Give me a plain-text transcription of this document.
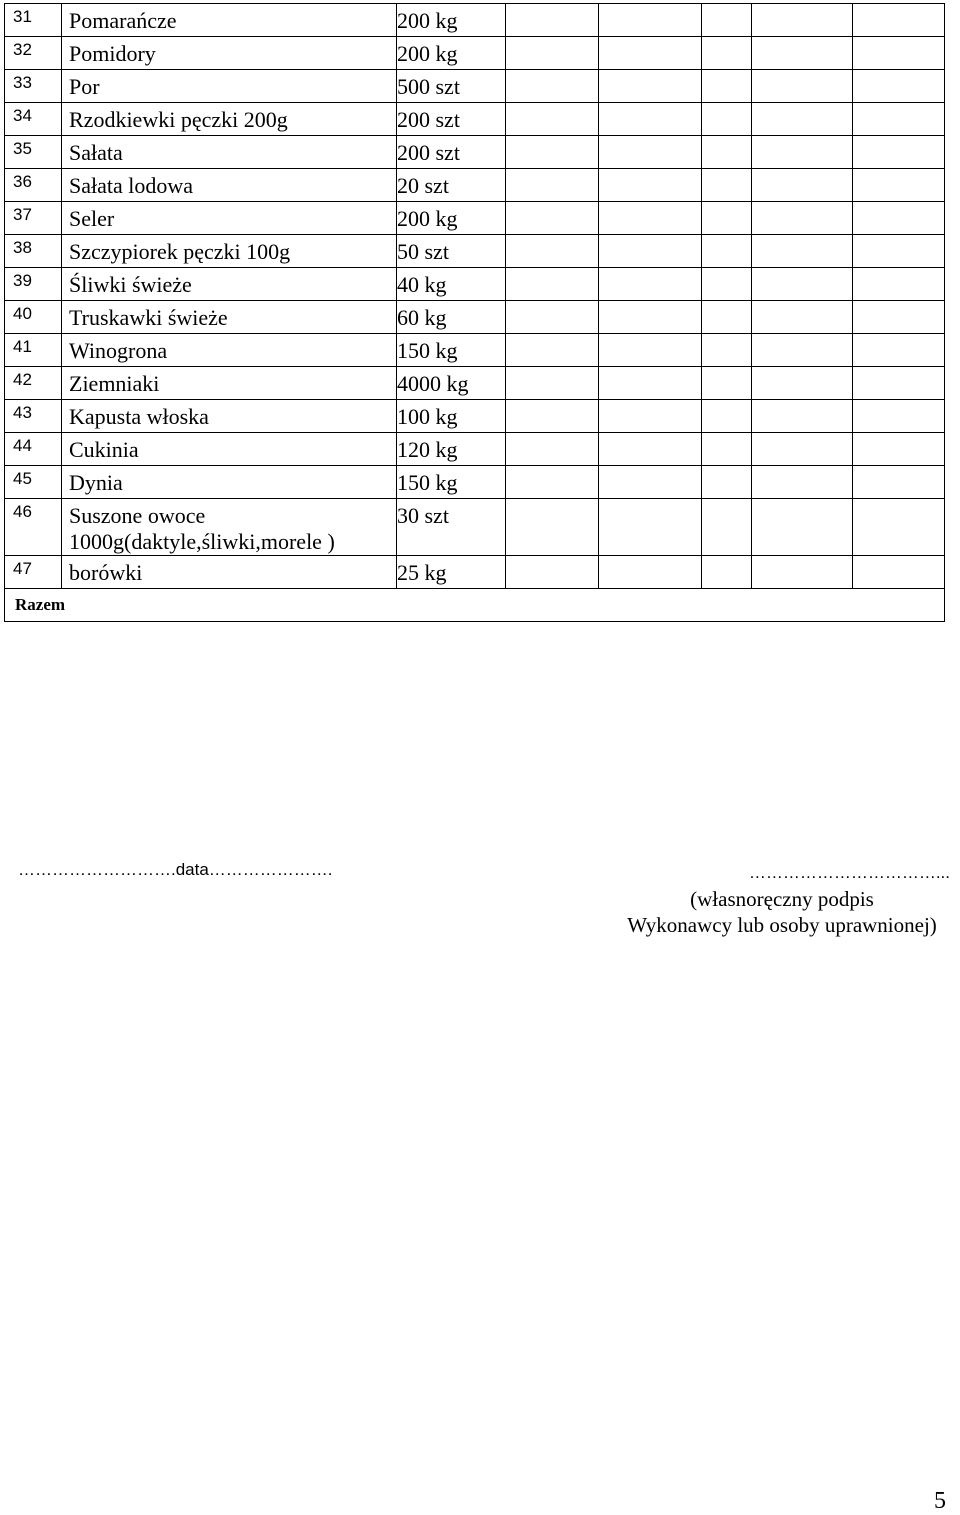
31	Pomarańcze	200 kg					
32	Pomidory	200 kg					
33	Por	500 szt					
34	Rzodkiewki pęczki 200g	200 szt					
35	Sałata	200 szt					
36	Sałata lodowa	20 szt					
37	Seler	200 kg					
38	Szczypiorek pęczki 100g	50 szt					
39	Śliwki świeże	40 kg					
40	Truskawki świeże	60 kg					
41	Winogrona	150 kg					
42	Ziemniaki	4000 kg					
43	Kapusta włoska	100 kg					
44	Cukinia	120 kg					
45	Dynia	150 kg					
46	Suszone owoce
1000g(daktyle,śliwki,morele )	30 szt					
47	borówki	25 kg					
Razem							
……………………….data………………….	……………………………...
(własnoręczny podpis
Wykonawcy lub osoby uprawnionej)
5
